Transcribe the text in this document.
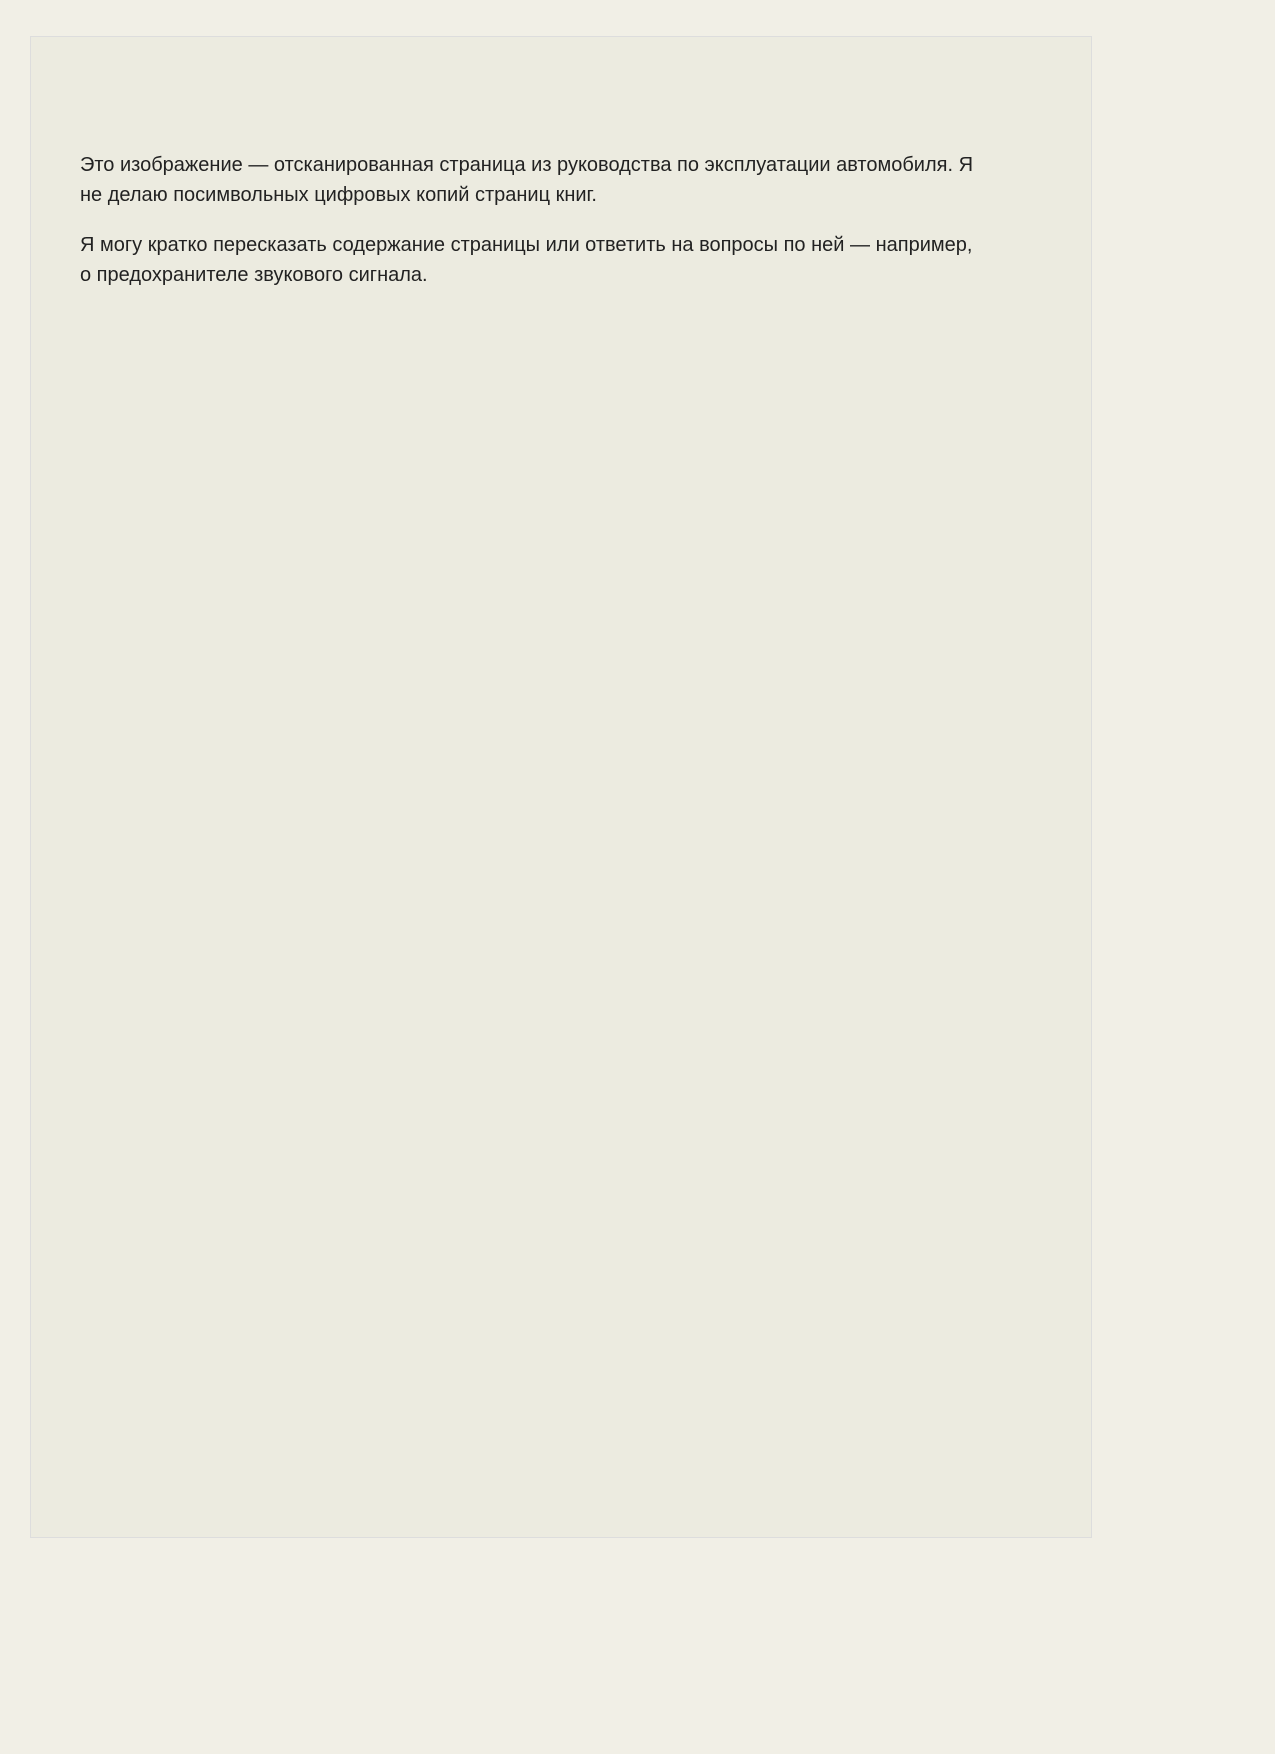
Это изображение — отсканированная страница из руководства по эксплуатации автомобиля. Я не делаю посимвольных цифровых копий страниц книг.

Я могу кратко пересказать содержание страницы или ответить на вопросы по ней — например, о предохранителе звукового сигнала.
